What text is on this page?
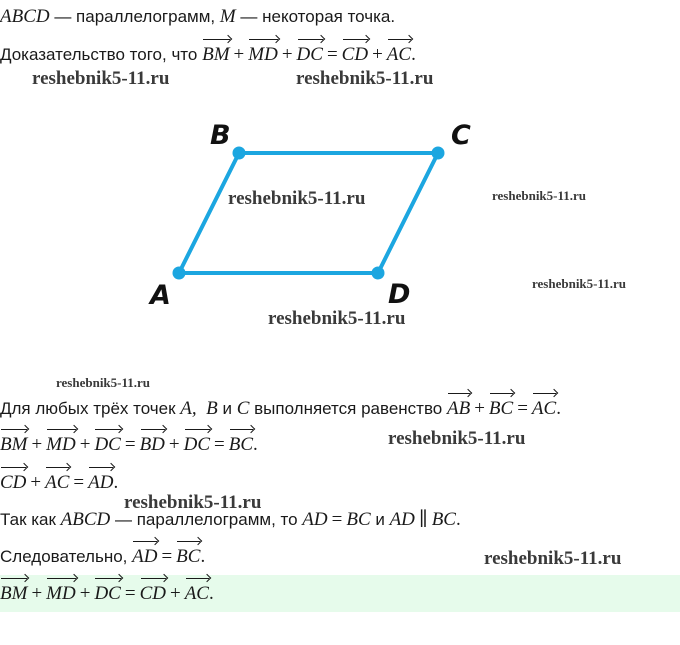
ABCD — параллелограмм, M — некоторая точка.
Доказательство того, что BM + MD + DC = CD + AC.
B	C
A	D
Для любых трёх точек A,  B и C выполняется равенство AB + BC = AC.
BM + MD + DC = BD + DC = BC.
CD + AC = AD.
Так как ABCD — параллелограмм, то AD = BC и AD ∥ BC.
Следовательно, AD = BC.
BM + MD + DC = CD + AC.
reshebnik5-11.ru	reshebnik5-11.ru
reshebnik5-11.ru	reshebnik5-11.ru
reshebnik5-11.ru
reshebnik5-11.ru
reshebnik5-11.ru
reshebnik5-11.ru
reshebnik5-11.ru
reshebnik5-11.ru
